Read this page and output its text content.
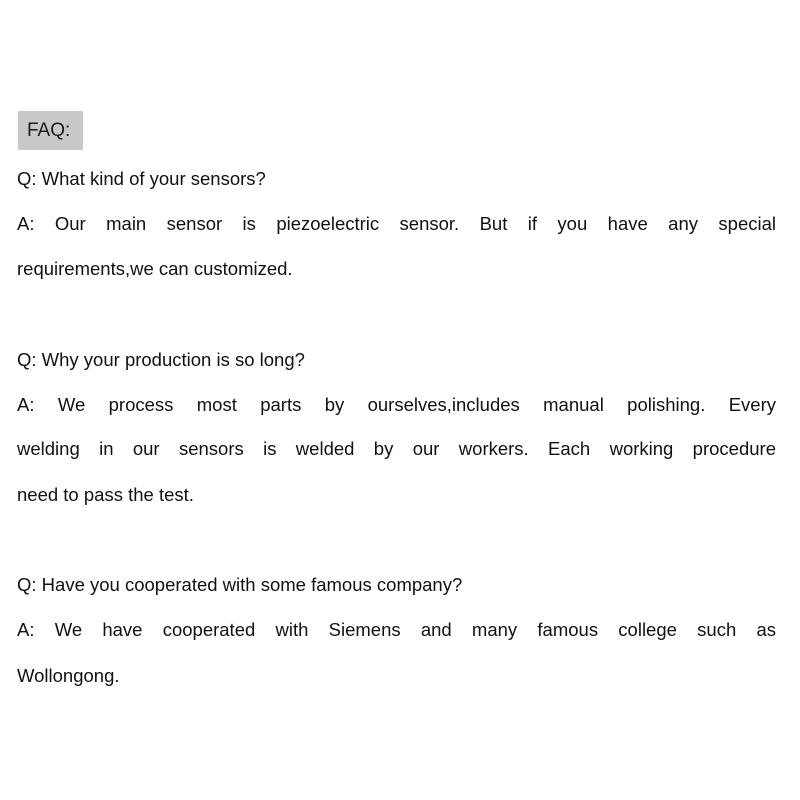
FAQ:
Q: What kind of your sensors?
A: Our main sensor is piezoelectric sensor. But if you have any special
requirements,we can customized.
Q: Why your production is so long?
A: We process most parts by ourselves,includes manual polishing. Every
welding in our sensors is welded by our workers. Each working procedure
need to pass the test.
Q: Have you cooperated with some famous company?
A: We have cooperated with Siemens and many famous college such as
Wollongong.
